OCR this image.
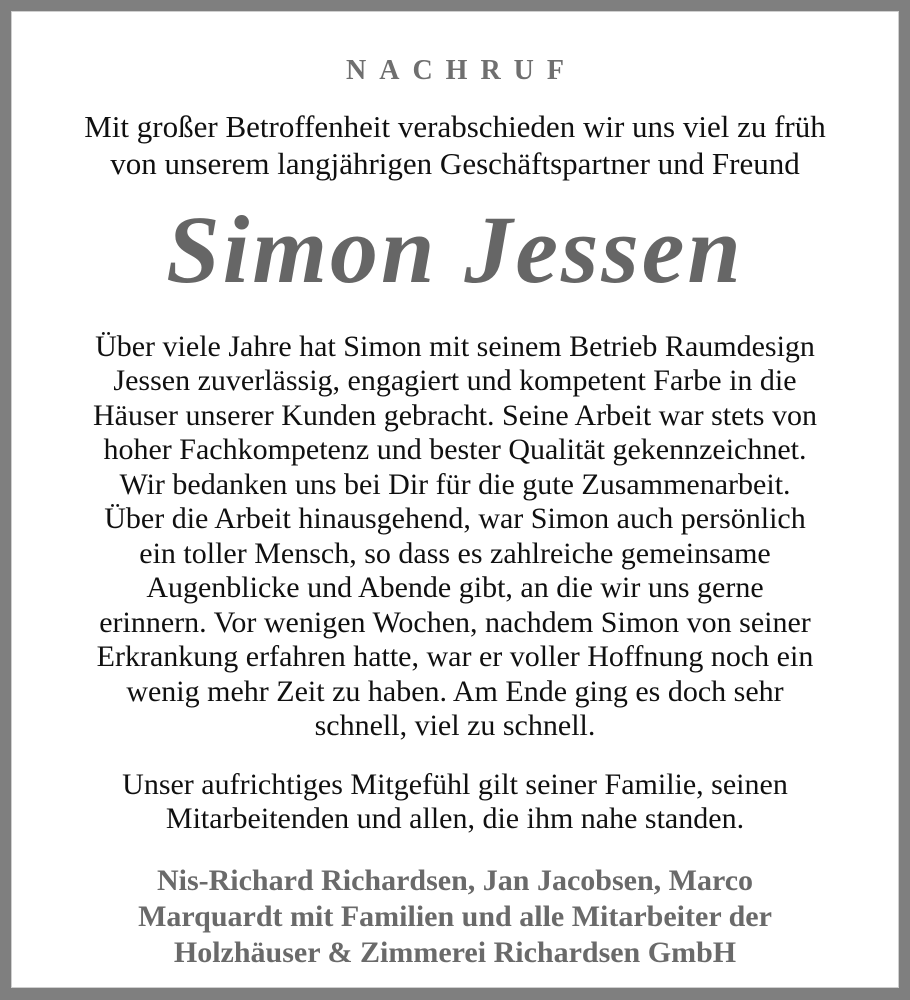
NACHRUF
Mit großer Betroffenheit verabschieden wir uns viel zu früh
von unserem langjährigen Geschäftspartner und Freund
Simon Jessen
Über viele Jahre hat Simon mit seinem Betrieb Raumdesign
Jessen zuverlässig, engagiert und kompetent Farbe in die
Häuser unserer Kunden gebracht. Seine Arbeit war stets von
hoher Fachkompetenz und bester Qualität gekennzeichnet.
Wir bedanken uns bei Dir für die gute Zusammenarbeit.
Über die Arbeit hinausgehend, war Simon auch persönlich
ein toller Mensch, so dass es zahlreiche gemeinsame
Augenblicke und Abende gibt, an die wir uns gerne
erinnern. Vor wenigen Wochen, nachdem Simon von seiner
Erkrankung erfahren hatte, war er voller Hoffnung noch ein
wenig mehr Zeit zu haben. Am Ende ging es doch sehr
schnell, viel zu schnell.
Unser aufrichtiges Mitgefühl gilt seiner Familie, seinen
Mitarbeitenden und allen, die ihm nahe standen.
Nis-Richard Richardsen, Jan Jacobsen, Marco
Marquardt mit Familien und alle Mitarbeiter der
Holzhäuser & Zimmerei Richardsen GmbH
